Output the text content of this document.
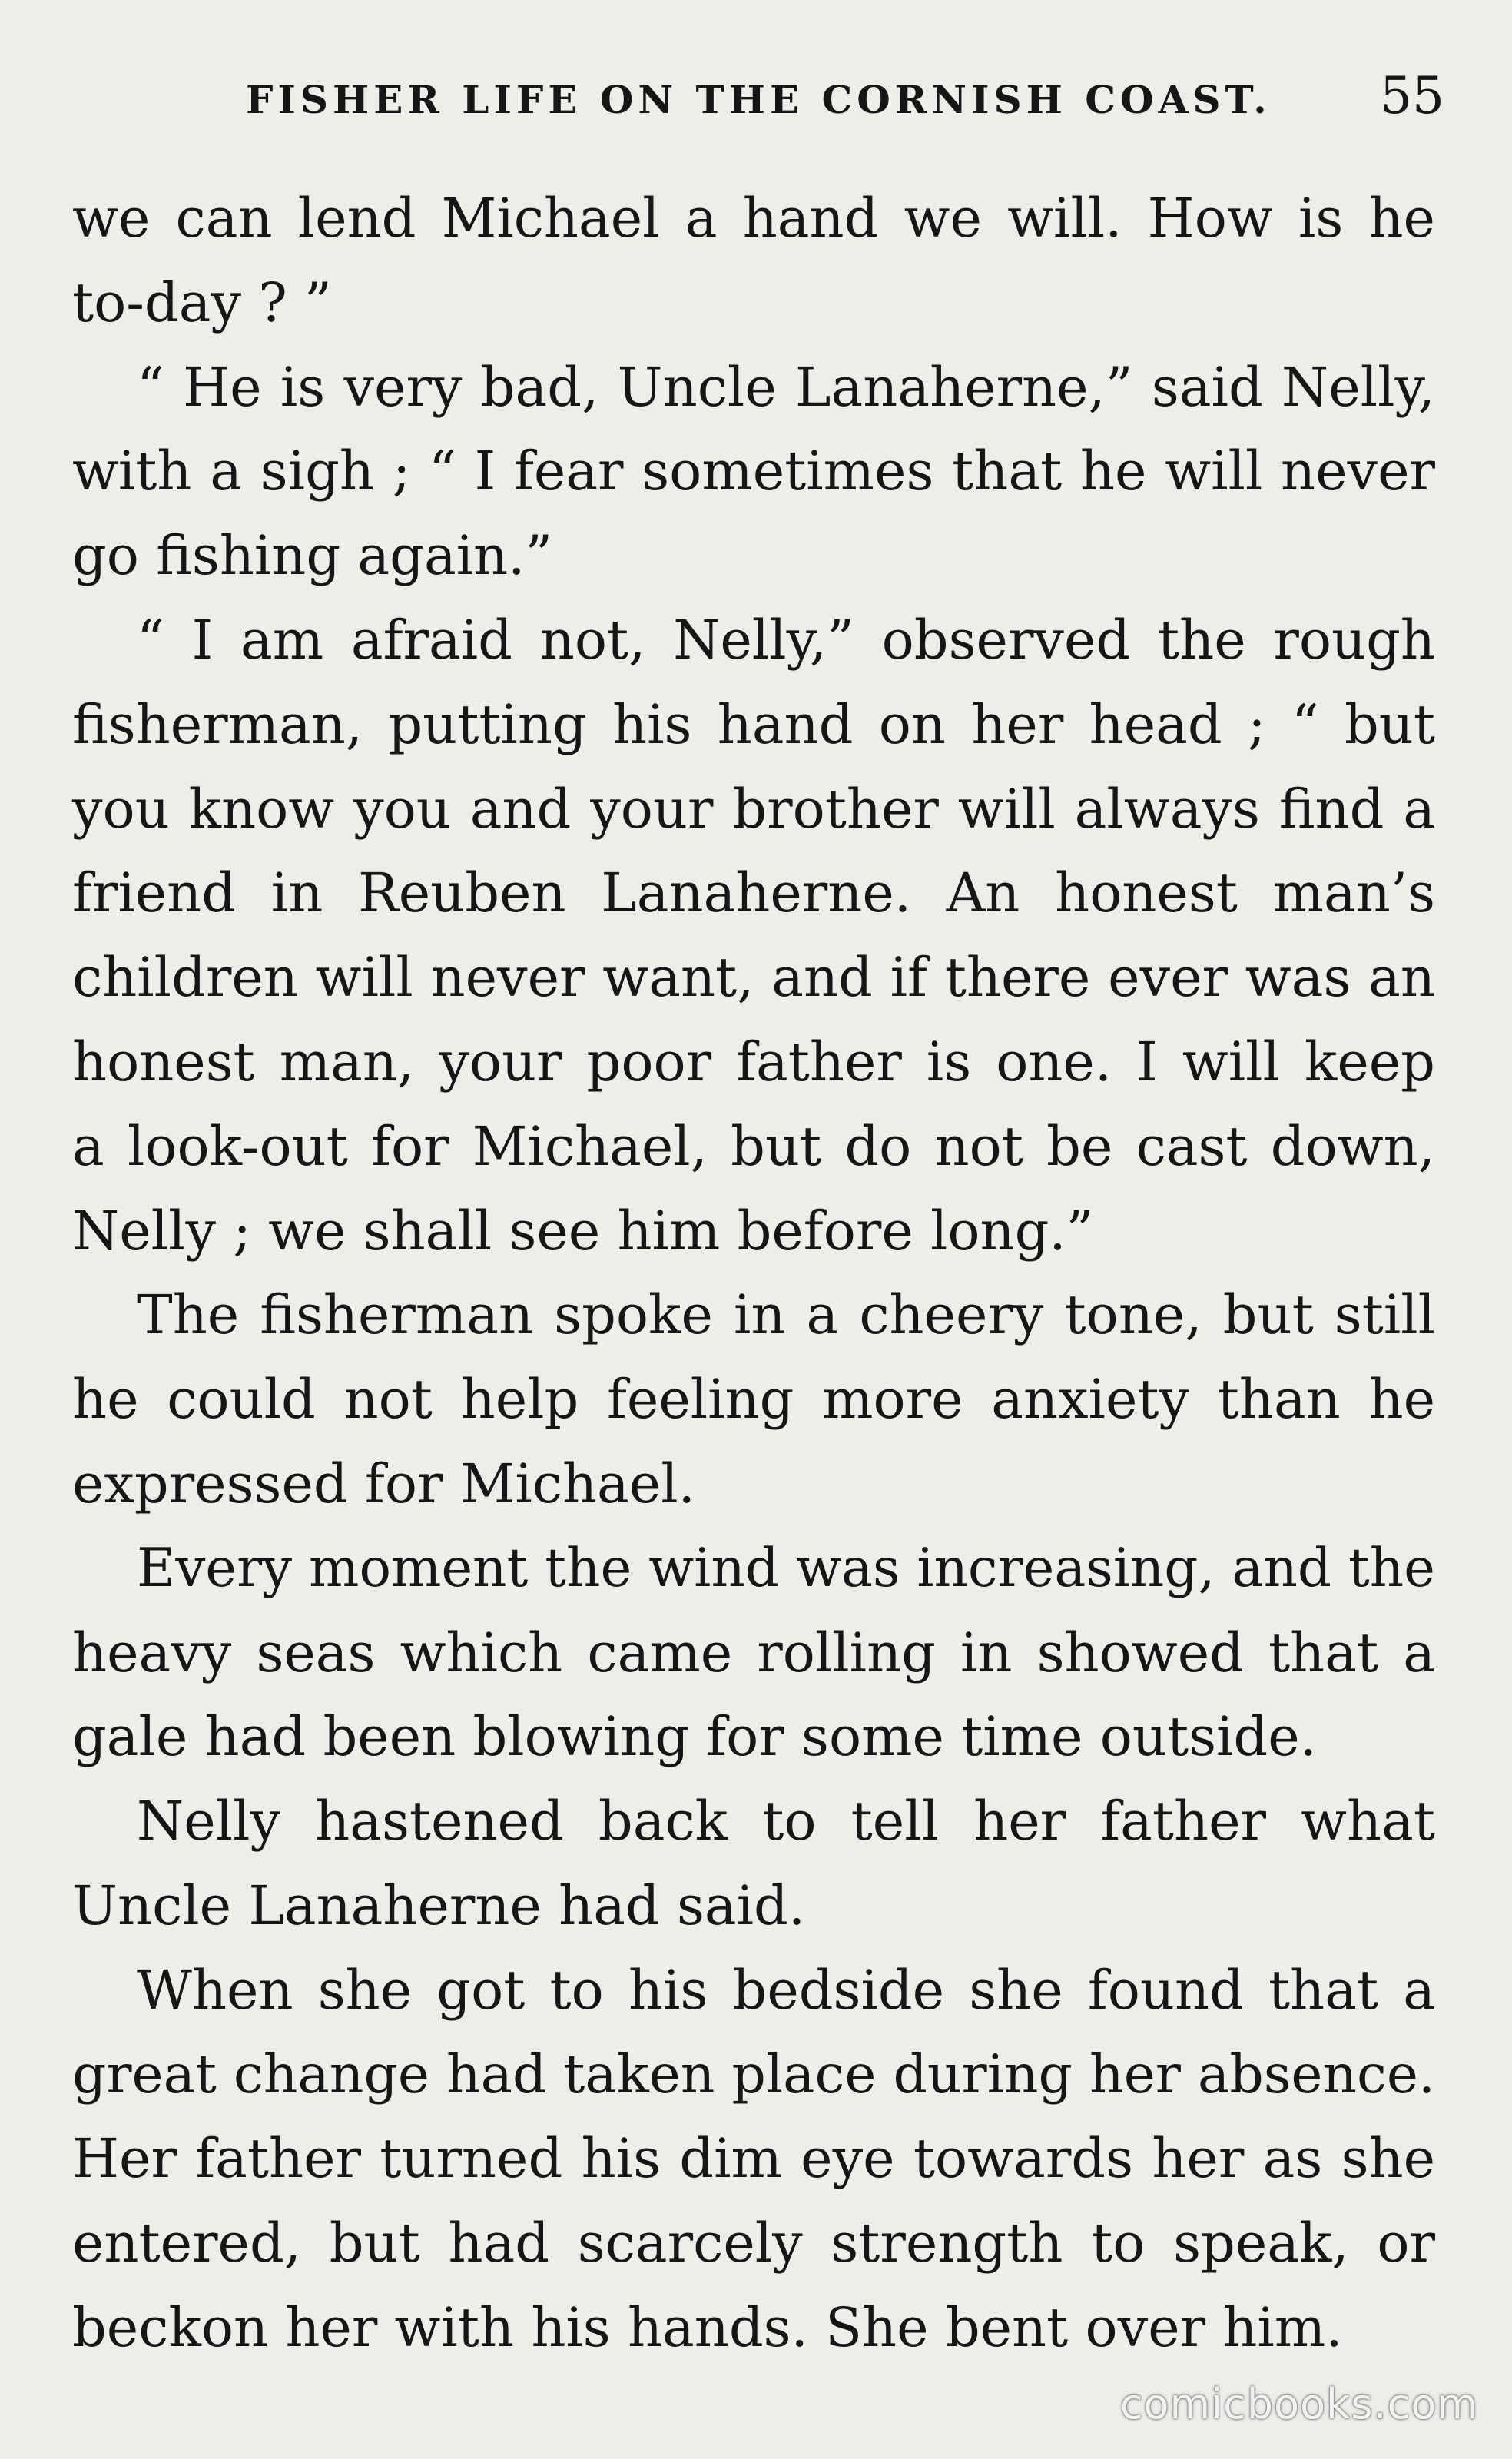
FISHER LIFE ON THE CORNISH COAST. 55
we can lend Michael a hand we will. How is he
to-day ? ”
“ He is very bad, Uncle Lanaherne,” said Nelly,
with a sigh ; “ I fear sometimes that he will never
go fishing again.”
“ I am afraid not, Nelly,” observed the rough
fisherman, putting his hand on her head ; “ but
you know you and your brother will always find a
friend in Reuben Lanaherne. An honest man’s
children will never want, and if there ever was an
honest man, your poor father is one. I will keep
a look-out for Michael, but do not be cast down,
Nelly ; we shall see him before long.”
The fisherman spoke in a cheery tone, but still
he could not help feeling more anxiety than he
expressed for Michael.
Every moment the wind was increasing, and the
heavy seas which came rolling in showed that a
gale had been blowing for some time outside.
Nelly hastened back to tell her father what
Uncle Lanaherne had said.
When she got to his bedside she found that a
great change had taken place during her absence.
Her father turned his dim eye towards her as she
entered, but had scarcely strength to speak, or
beckon her with his hands. She bent over him.
comicbooks.com
